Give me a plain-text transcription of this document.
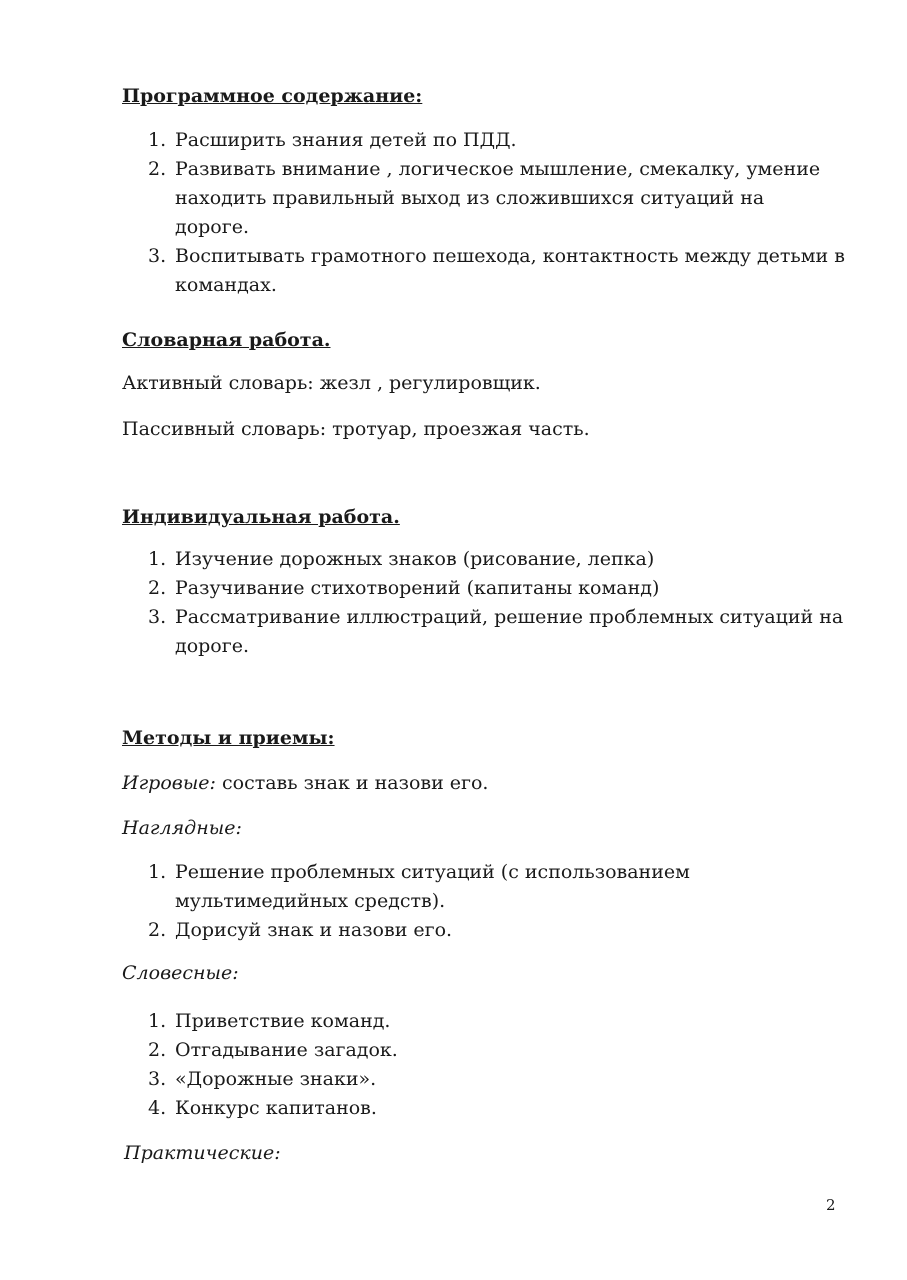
Программное содержание:

1. Расширить знания детей по ПДД.
2. Развивать внимание , логическое мышление, смекалку, умение находить правильный выход из сложившихся ситуаций на дороге.
3. Воспитывать грамотного пешехода, контактность между детьми в командах.

Словарная работа.

Активный словарь: жезл , регулировщик.

Пассивный словарь: тротуар, проезжая часть.

Индивидуальная работа.

1. Изучение дорожных знаков (рисование, лепка)
2. Разучивание стихотворений (капитаны команд)
3. Рассматривание иллюстраций, решение проблемных ситуаций на дороге.

Методы и приемы:

Игровые: составь знак и назови его.

Наглядные:

1. Решение проблемных ситуаций (с использованием мультимедийных средств).
2. Дорисуй знак и назови его.

Словесные:

1. Приветствие команд.
2. Отгадывание загадок.
3. «Дорожные знаки».
4. Конкурс капитанов.

Практические:

2
